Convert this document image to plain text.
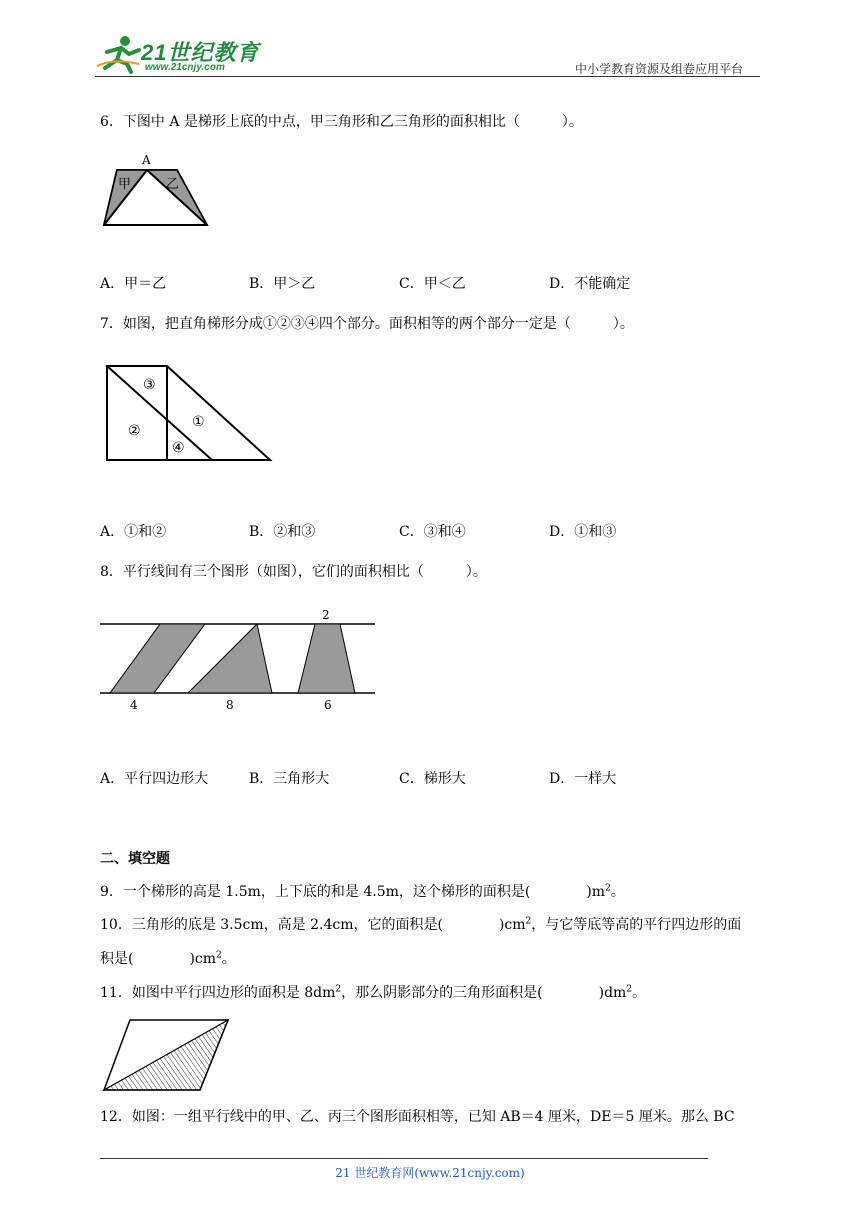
21世纪教育
www.21cnjy.com	中小学教育资源及组卷应用平台
6．下图中 A 是梯形上底的中点，甲三角形和乙三角形的面积相比（　　　）。
A
甲	乙
A．甲＝乙	B．甲＞乙	C．甲＜乙	D．不能确定
7．如图，把直角梯形分成①②③④四个部分。面积相等的两个部分一定是（　　　）。
③
②
①
④
A．①和②	B．②和③	C．③和④	D．①和③
8．平行线间有三个图形（如图），它们的面积相比（　　　）。
2
4	8	6
A．平行四边形大	B．三角形大	C．梯形大	D．一样大
二、填空题
9．一个梯形的高是 1.5m，上下底的和是 4.5m，这个梯形的面积是(　　　　)$m^2$。
10．三角形的底是 3.5cm，高是 2.4cm，它的面积是(　　　　)$cm^2$，与它等底等高的平行四边形的面
积是(　　　　)$cm^2$。
11．如图中平行四边形的面积是 $8dm^2$，那么阴影部分的三角形面积是(　　　　)$dm^2$。
12．如图：一组平行线中的甲、乙、丙三个图形面积相等，已知 AB＝4 厘米，DE＝5 厘米。那么 BC
21 世纪教育网(www.21cnjy.com)
